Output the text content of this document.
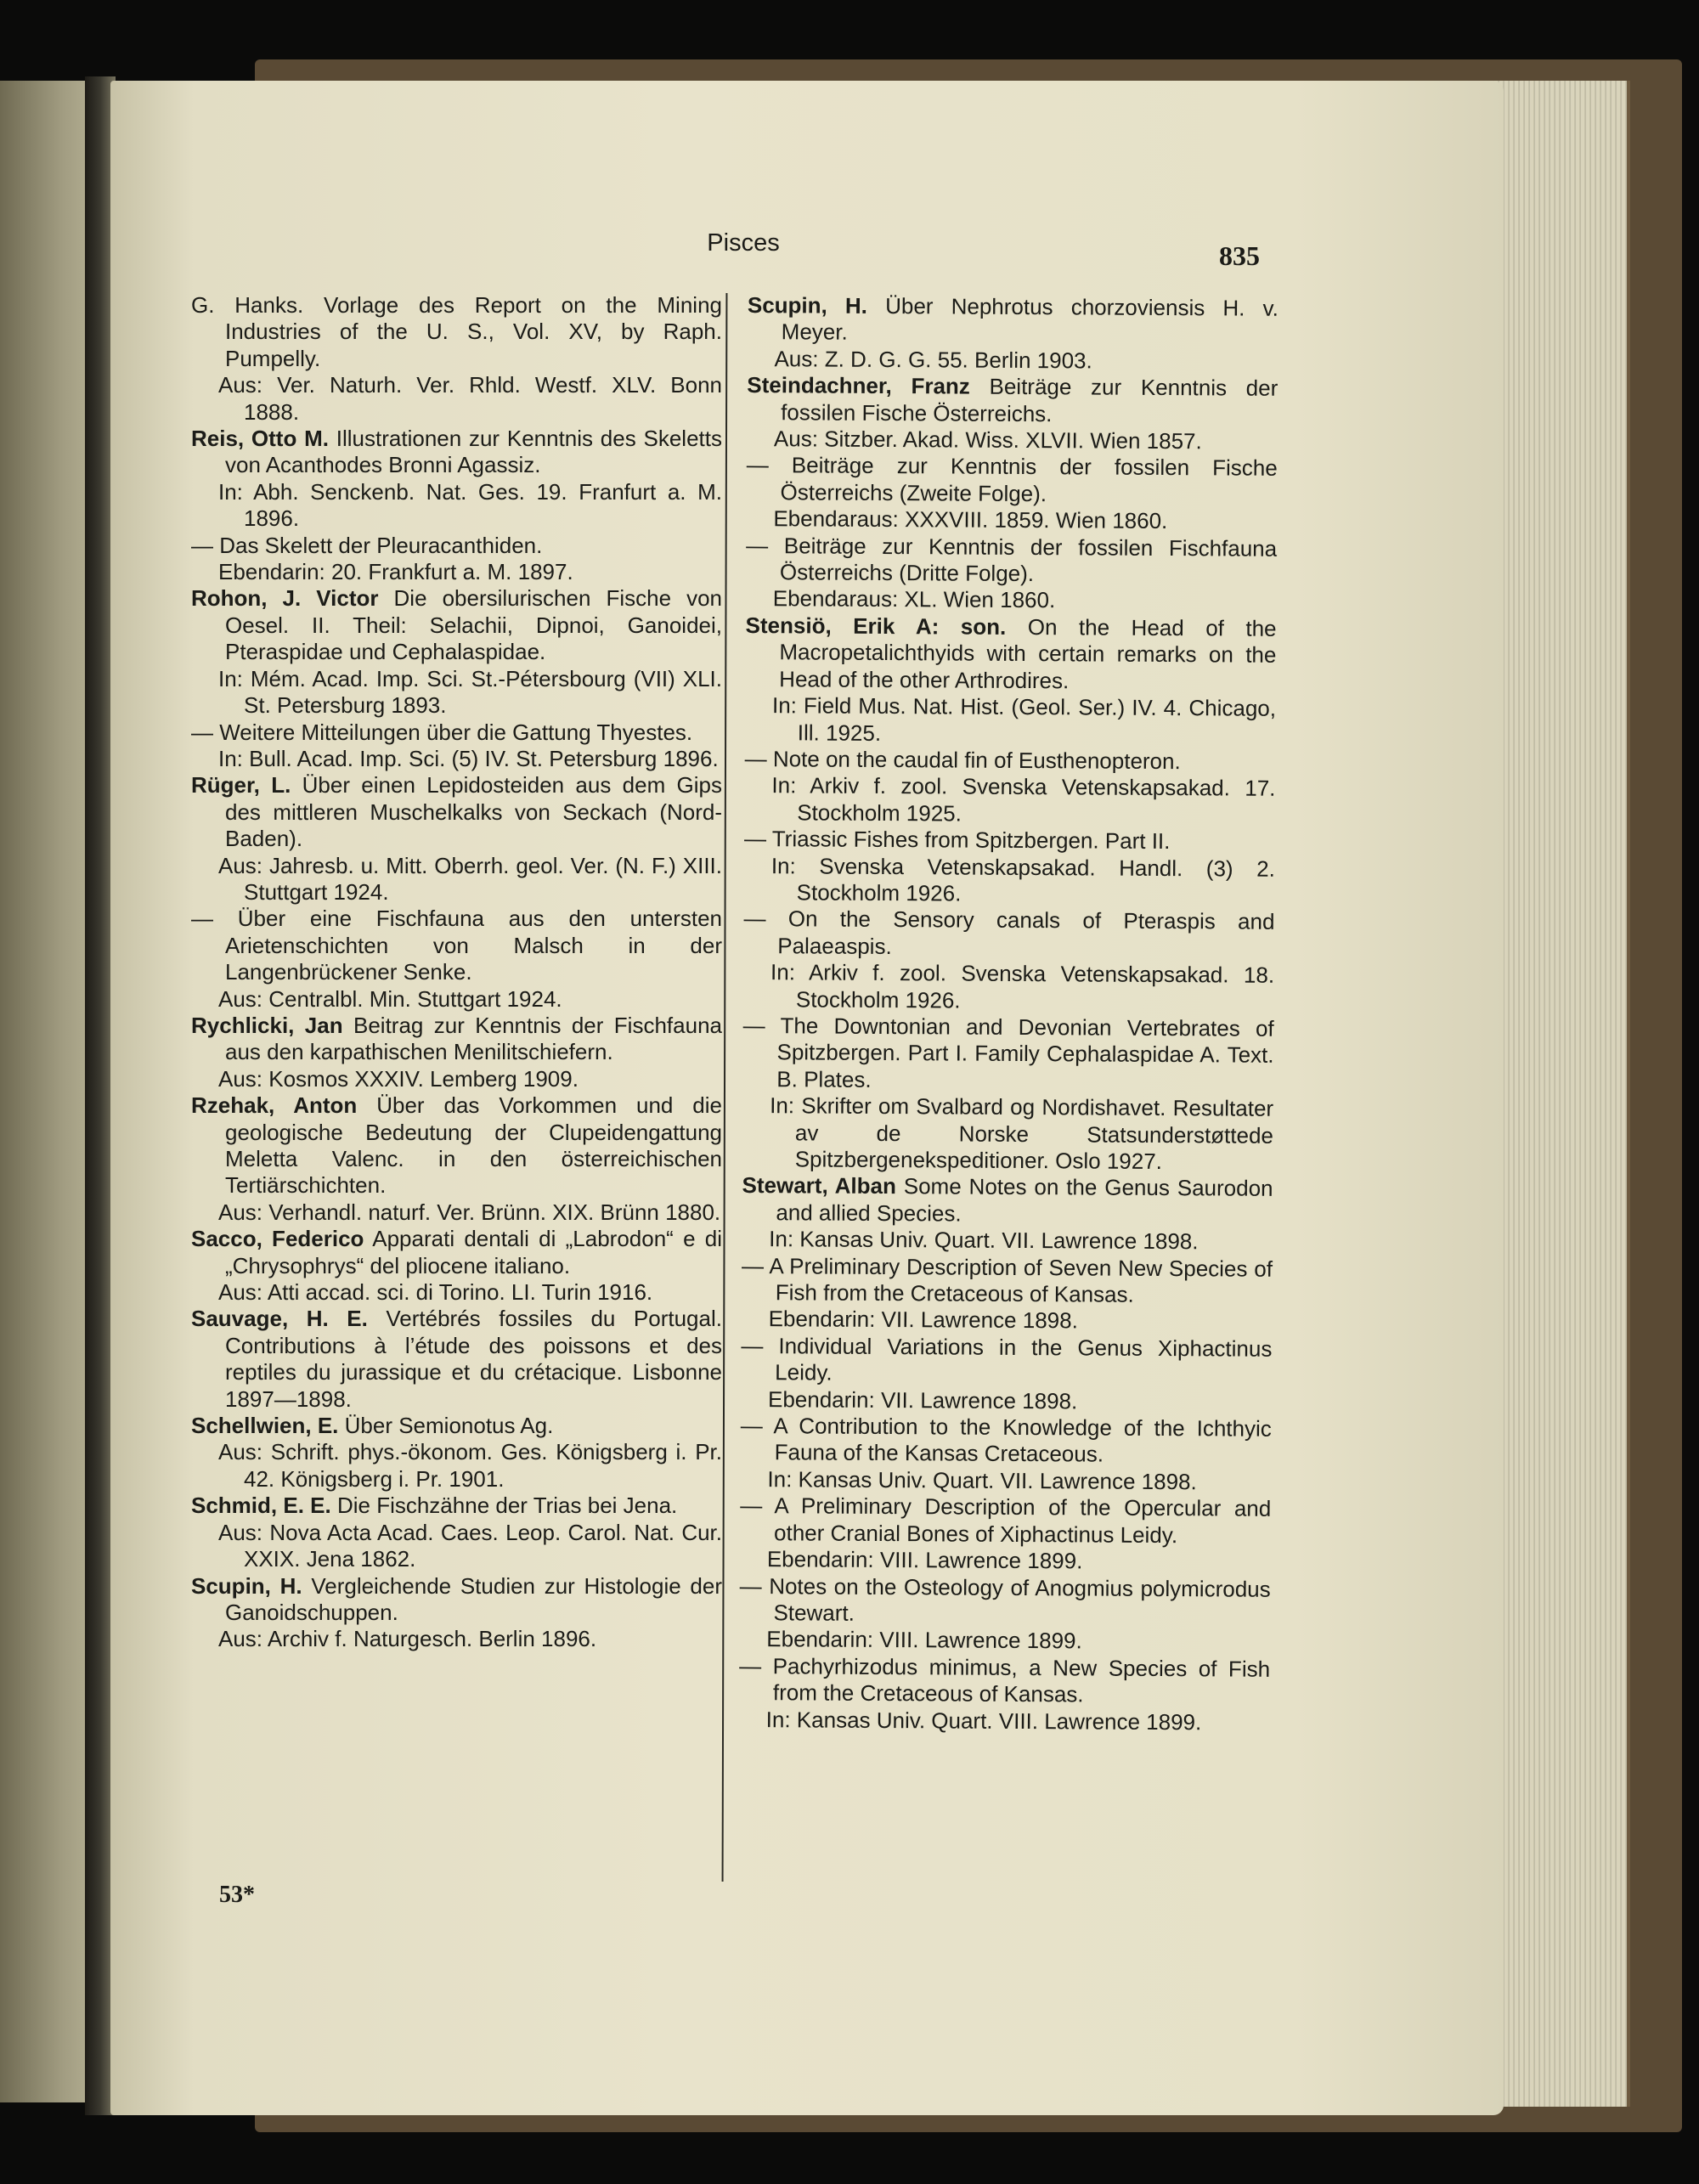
Pisces	835
G. Hanks. Vorlage des Report on the Mining Industries of the U. S., Vol. XV, by Raph. Pumpelly.
Aus: Ver. Naturh. Ver. Rhld. Westf. XLV. Bonn 1888.
Reis, Otto M. Illustrationen zur Kenntnis des Skeletts von Acanthodes Bronni Agassiz.
In: Abh. Senckenb. Nat. Ges. 19. Franfurt a. M. 1896.
— Das Skelett der Pleuracanthiden.
Ebendarin: 20. Frankfurt a. M. 1897.
Rohon, J. Victor Die obersilurischen Fische von Oesel. II. Theil: Selachii, Dipnoi, Ganoidei, Pteraspidae und Cephalaspidae.
In: Mém. Acad. Imp. Sci. St.-Pétersbourg (VII) XLI. St. Petersburg 1893.
— Weitere Mitteilungen über die Gattung Thyestes.
In: Bull. Acad. Imp. Sci. (5) IV. St. Petersburg 1896.
Rüger, L. Über einen Lepidosteiden aus dem Gips des mittleren Muschelkalks von Seckach (Nord-Baden).
Aus: Jahresb. u. Mitt. Oberrh. geol. Ver. (N. F.) XIII. Stuttgart 1924.
— Über eine Fischfauna aus den untersten Arietenschichten von Malsch in der Langenbrückener Senke.
Aus: Centralbl. Min. Stuttgart 1924.
Rychlicki, Jan Beitrag zur Kenntnis der Fischfauna aus den karpathischen Menilitschiefern.
Aus: Kosmos XXXIV. Lemberg 1909.
Rzehak, Anton Über das Vorkommen und die geologische Bedeutung der Clupeidengattung Meletta Valenc. in den österreichischen Tertiärschichten.
Aus: Verhandl. naturf. Ver. Brünn. XIX. Brünn 1880.
Sacco, Federico Apparati dentali di „Labrodon“ e di „Chrysophrys“ del pliocene italiano.
Aus: Atti accad. sci. di Torino. LI. Turin 1916.
Sauvage, H. E. Vertébrés fossiles du Portugal. Contributions à l’étude des poissons et des reptiles du jurassique et du crétacique. Lisbonne 1897—1898.
Schellwien, E. Über Semionotus Ag.
Aus: Schrift. phys.-ökonom. Ges. Königsberg i. Pr. 42. Königsberg i. Pr. 1901.
Schmid, E. E. Die Fischzähne der Trias bei Jena.
Aus: Nova Acta Acad. Caes. Leop. Carol. Nat. Cur. XXIX. Jena 1862.
Scupin, H. Vergleichende Studien zur Histologie der Ganoidschuppen.
Aus: Archiv f. Naturgesch. Berlin 1896.
Scupin, H. Über Nephrotus chorzoviensis H. v. Meyer.
Aus: Z. D. G. G. 55. Berlin 1903.
Steindachner, Franz Beiträge zur Kenntnis der fossilen Fische Österreichs.
Aus: Sitzber. Akad. Wiss. XLVII. Wien 1857.
— Beiträge zur Kenntnis der fossilen Fische Österreichs (Zweite Folge).
Ebendaraus: XXXVIII. 1859. Wien 1860.
— Beiträge zur Kenntnis der fossilen Fischfauna Österreichs (Dritte Folge).
Ebendaraus: XL. Wien 1860.
Stensiö, Erik A: son. On the Head of the Macropetalichthyids with certain remarks on the Head of the other Arthrodires.
In: Field Mus. Nat. Hist. (Geol. Ser.) IV. 4. Chicago, Ill. 1925.
— Note on the caudal fin of Eusthenopteron.
In: Arkiv f. zool. Svenska Vetenskapsakad. 17. Stockholm 1925.
— Triassic Fishes from Spitzbergen. Part II.
In: Svenska Vetenskapsakad. Handl. (3) 2. Stockholm 1926.
— On the Sensory canals of Pteraspis and Palaeaspis.
In: Arkiv f. zool. Svenska Vetenskapsakad. 18. Stockholm 1926.
— The Downtonian and Devonian Vertebrates of Spitzbergen. Part I. Family Cephalaspidae A. Text. B. Plates.
In: Skrifter om Svalbard og Nordishavet. Resultater av de Norske Statsunderstøttede Spitzbergenekspeditioner. Oslo 1927.
Stewart, Alban Some Notes on the Genus Saurodon and allied Species.
In: Kansas Univ. Quart. VII. Lawrence 1898.
— A Preliminary Description of Seven New Species of Fish from the Cretaceous of Kansas.
Ebendarin: VII. Lawrence 1898.
— Individual Variations in the Genus Xiphactinus Leidy.
Ebendarin: VII. Lawrence 1898.
— A Contribution to the Knowledge of the Ichthyic Fauna of the Kansas Cretaceous.
In: Kansas Univ. Quart. VII. Lawrence 1898.
— A Preliminary Description of the Opercular and other Cranial Bones of Xiphactinus Leidy.
Ebendarin: VIII. Lawrence 1899.
— Notes on the Osteology of Anogmius polymicrodus Stewart.
Ebendarin: VIII. Lawrence 1899.
— Pachyrhizodus minimus, a New Species of Fish from the Cretaceous of Kansas.
In: Kansas Univ. Quart. VIII. Lawrence 1899.
53*
